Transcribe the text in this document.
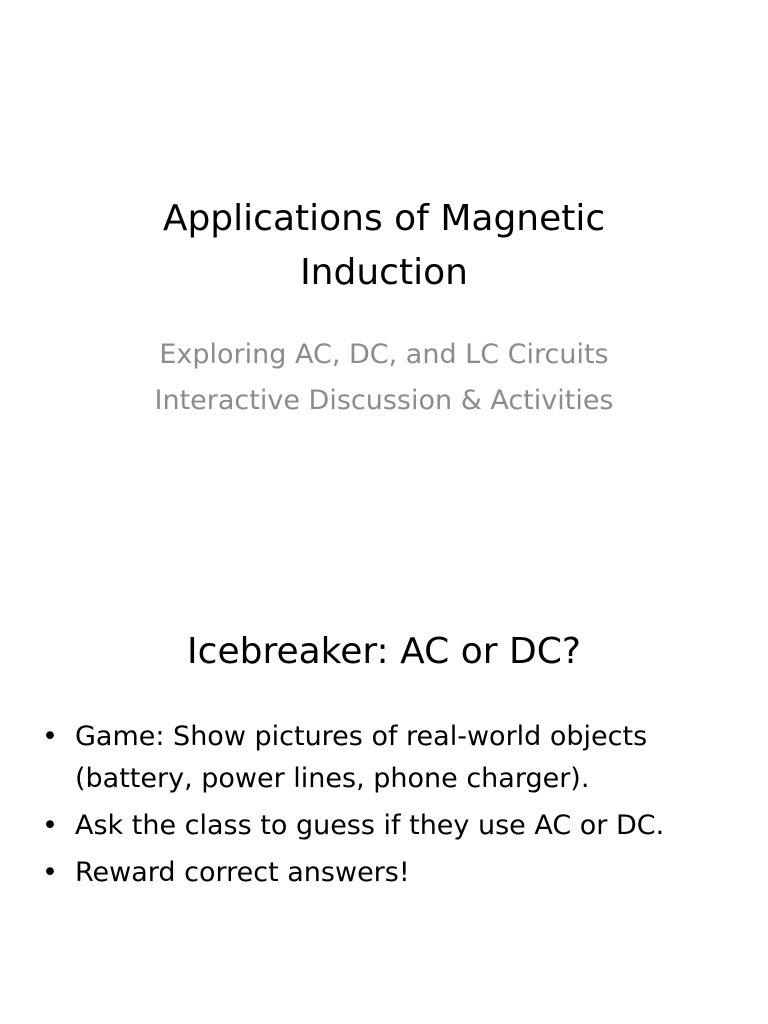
Applications of Magnetic
Induction
Exploring AC, DC, and LC Circuits
Interactive Discussion & Activities
Icebreaker: AC or DC?
• Game: Show pictures of real-world objects
(battery, power lines, phone charger).
• Ask the class to guess if they use AC or DC.
• Reward correct answers!
